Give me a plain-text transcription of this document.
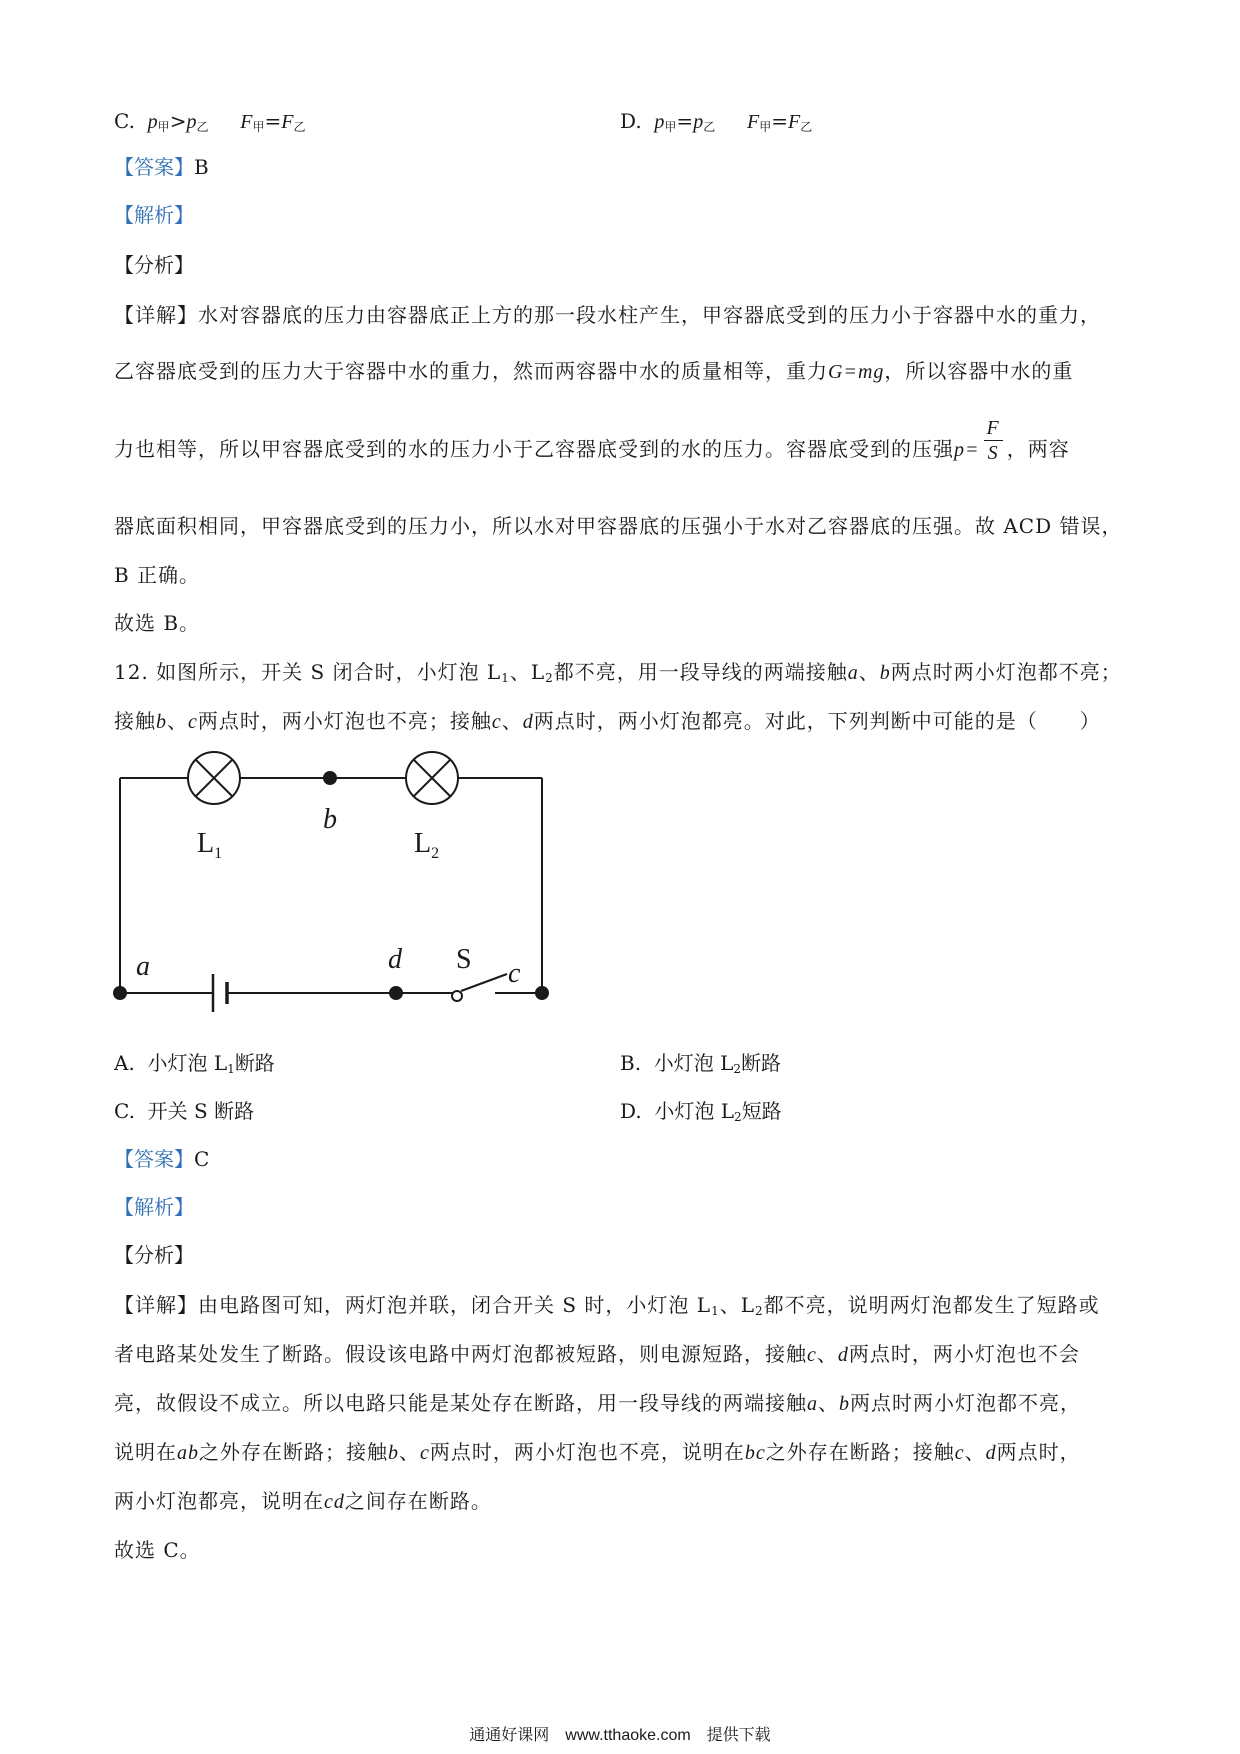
C. $p_甲>p_乙$ $F_甲=F_乙$	D. $p_甲=p_乙$ $F_甲=F_乙$
【答案】B
【解析】
【分析】
【详解】水对容器底的压力由容器底正上方的那一段水柱产生，甲容器底受到的压力小于容器中水的重力，
乙容器底受到的压力大于容器中水的重力，然而两容器中水的质量相等，重力G=mg，所以容器中水的重
力也相等，所以甲容器底受到的水的压力小于乙容器底受到的水的压力。容器底受到的压强$p= \frac{F}{S}$ ，两容
器底面积相同，甲容器底受到的压力小，所以水对甲容器底的压强小于水对乙容器底的压强。故 ACD 错误，
B 正确。
故选 B。
12. 如图所示，开关 S 闭合时，小灯泡 $L_1$、$L_2$都不亮，用一段导线的两端接触a、b两点时两小灯泡都不亮；
接触b、c两点时，两小灯泡也不亮；接触c、d两点时，两小灯泡都亮。对此，下列判断中可能的是（　　）
$L_1$	$L_2$
b
a	d S c
A. 小灯泡 $L_1$断路	B. 小灯泡 $L_2$断路
C. 开关 S 断路	D. 小灯泡 $L_2$短路
【答案】C
【解析】
【分析】
【详解】由电路图可知，两灯泡并联，闭合开关 S 时，小灯泡 $L_1$、$L_2$都不亮，说明两灯泡都发生了短路或
者电路某处发生了断路。假设该电路中两灯泡都被短路，则电源短路，接触c、d两点时，两小灯泡也不会
亮，故假设不成立。所以电路只能是某处存在断路，用一段导线的两端接触a、b两点时两小灯泡都不亮，
说明在ab之外存在断路；接触b、c两点时，两小灯泡也不亮，说明在bc之外存在断路；接触c、d两点时，
两小灯泡都亮，说明在cd之间存在断路。
故选 C。
通通好课网　www.tthaoke.com　提供下载
